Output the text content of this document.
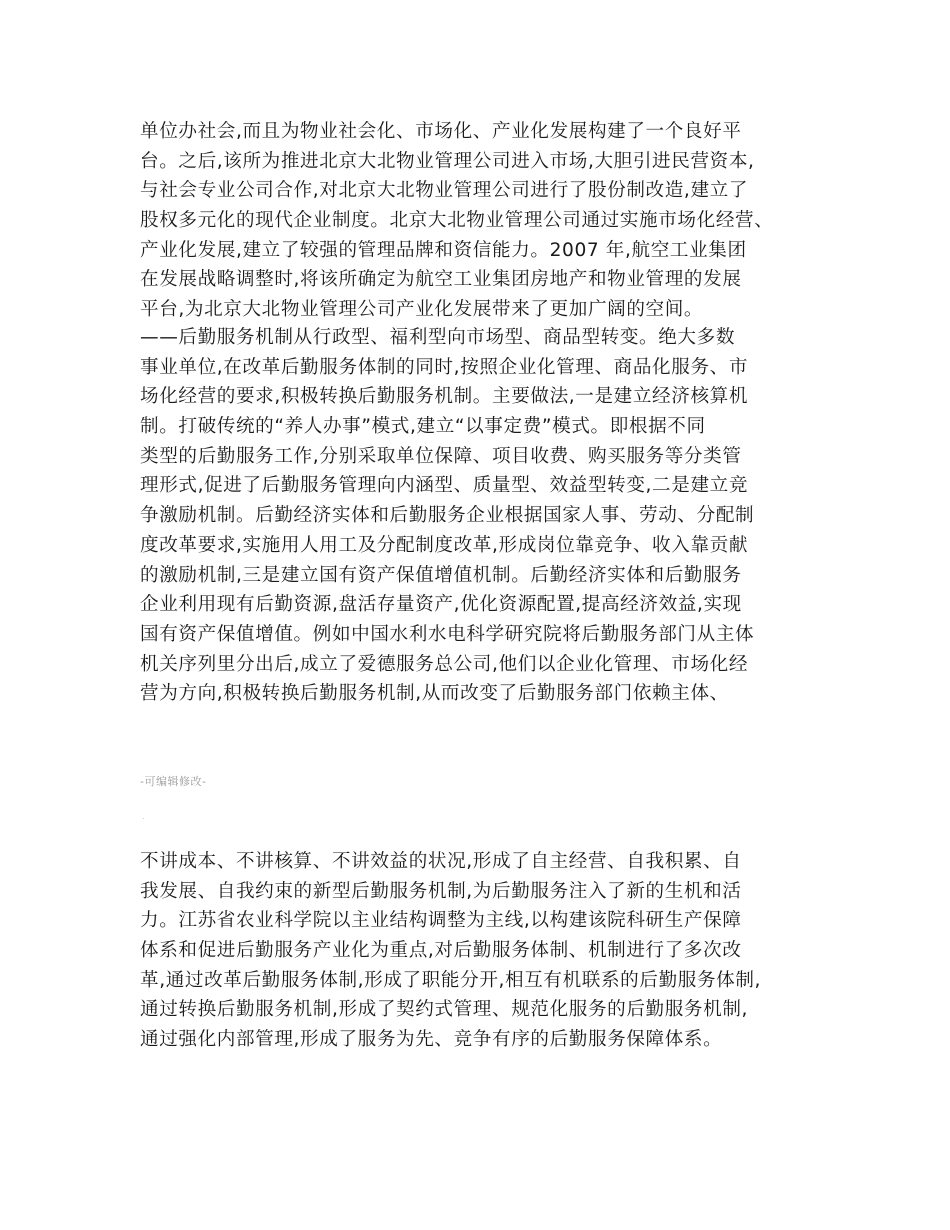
单位办社会,而且为物业社会化、市场化、产业化发展构建了一个良好平
台。之后,该所为推进北京大北物业管理公司进入市场,大胆引进民营资本,
与社会专业公司合作,对北京大北物业管理公司进行了股份制改造,建立了
股权多元化的现代企业制度。北京大北物业管理公司通过实施市场化经营、
产业化发展,建立了较强的管理品牌和资信能力。2007 年,航空工业集团
在发展战略调整时,将该所确定为航空工业集团房地产和物业管理的发展
平台,为北京大北物业管理公司产业化发展带来了更加广阔的空间。
——后勤服务机制从行政型、福利型向市场型、商品型转变。绝大多数
事业单位,在改革后勤服务体制的同时,按照企业化管理、商品化服务、市
场化经营的要求,积极转换后勤服务机制。主要做法,一是建立经济核算机
制。打破传统的“养人办事”模式,建立“以事定费”模式。即根据不同
类型的后勤服务工作,分别采取单位保障、项目收费、购买服务等分类管
理形式,促进了后勤服务管理向内涵型、质量型、效益型转变,二是建立竞
争激励机制。后勤经济实体和后勤服务企业根据国家人事、劳动、分配制
度改革要求,实施用人用工及分配制度改革,形成岗位靠竞争、收入靠贡献
的激励机制,三是建立国有资产保值增值机制。后勤经济实体和后勤服务
企业利用现有后勤资源,盘活存量资产,优化资源配置,提高经济效益,实现
国有资产保值增值。例如中国水利水电科学研究院将后勤服务部门从主体
机关序列里分出后,成立了爱德服务总公司,他们以企业化管理、市场化经
营为方向,积极转换后勤服务机制,从而改变了后勤服务部门依赖主体、
-可编辑修改-
.
不讲成本、不讲核算、不讲效益的状况,形成了自主经营、自我积累、自
我发展、自我约束的新型后勤服务机制,为后勤服务注入了新的生机和活
力。江苏省农业科学院以主业结构调整为主线,以构建该院科研生产保障
体系和促进后勤服务产业化为重点,对后勤服务体制、机制进行了多次改
革,通过改革后勤服务体制,形成了职能分开,相互有机联系的后勤服务体制,
通过转换后勤服务机制,形成了契约式管理、规范化服务的后勤服务机制,
通过强化内部管理,形成了服务为先、竞争有序的后勤服务保障体系。
